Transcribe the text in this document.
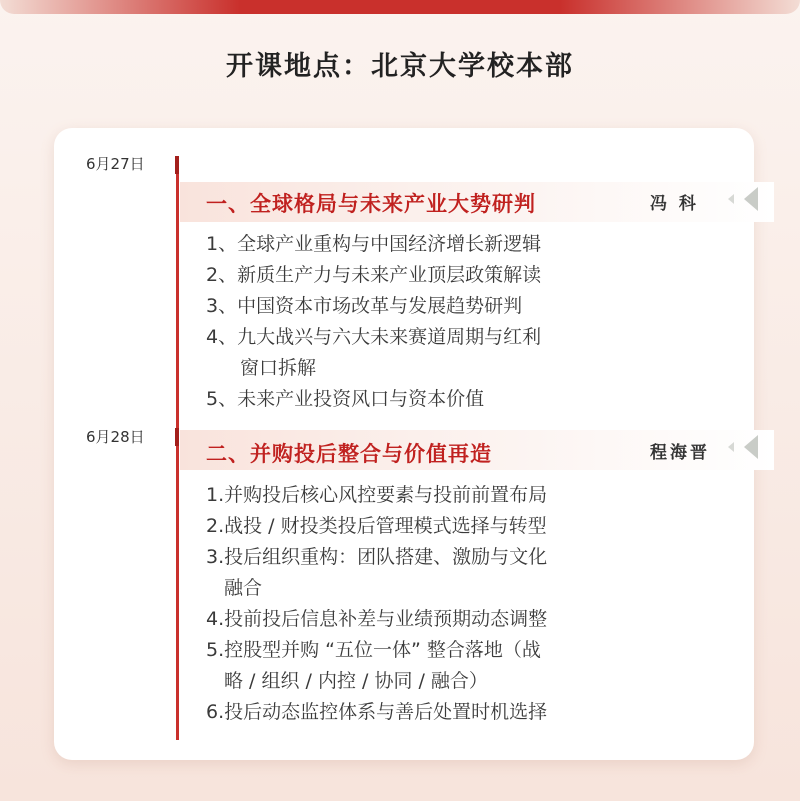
开课地点：北京大学校本部
6月27日
一、全球格局与未来产业大势研判	冯 科
1、全球产业重构与中国经济增长新逻辑
2、新质生产力与未来产业顶层政策解读
3、中国资本市场改革与发展趋势研判
4、九大战兴与六大未来赛道周期与红利
窗口拆解
5、未来产业投资风口与资本价值
6月28日
二、并购投后整合与价值再造	程海晋
1.并购投后核心风控要素与投前前置布局
2.战投 / 财投类投后管理模式选择与转型
3.投后组织重构：团队搭建、激励与文化
融合
4.投前投后信息补差与业绩预期动态调整
5.控股型并购 “五位一体” 整合落地（战
略 / 组织 / 内控 / 协同 / 融合）
6.投后动态监控体系与善后处置时机选择
